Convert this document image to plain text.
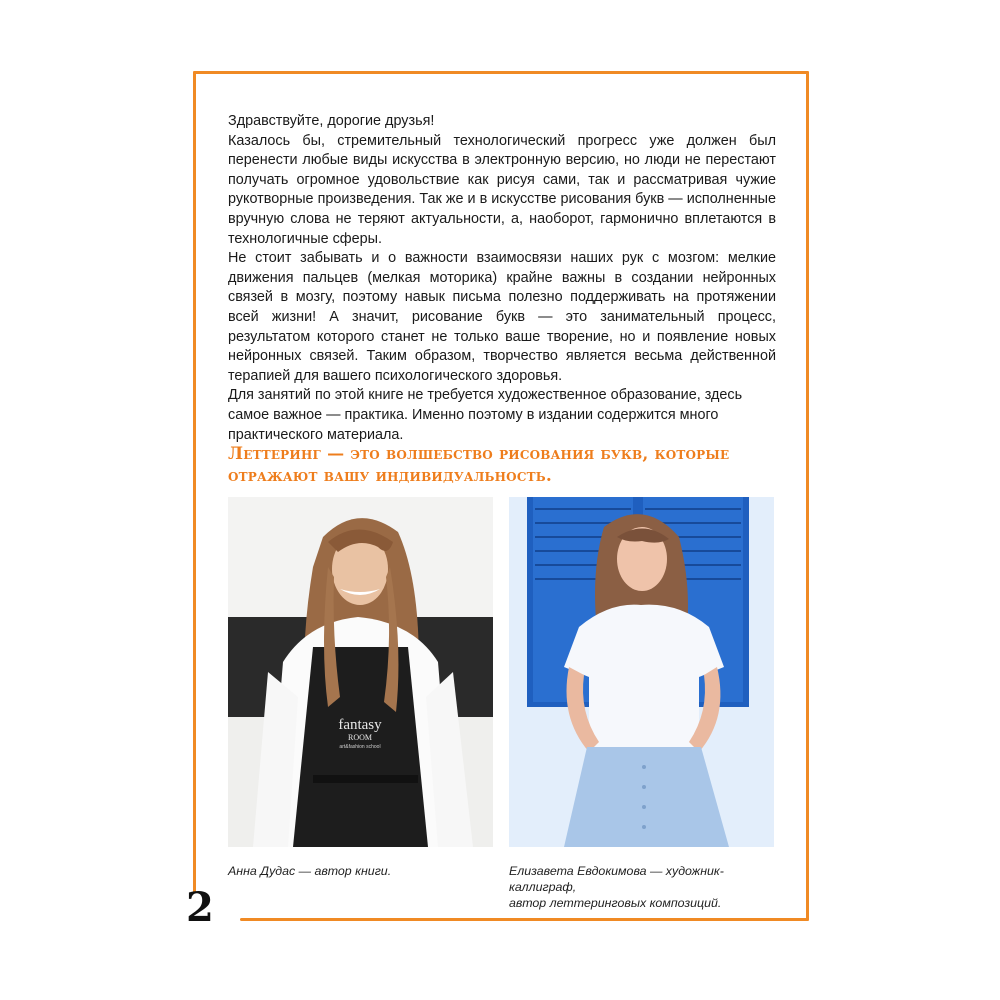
2

Здравствуйте, дорогие друзья!

Казалось бы, стремительный технологический прогресс уже должен был перенести любые виды искусства в электронную версию, но люди не перестают получать огромное удовольствие как рисуя сами, так и рассматривая чужие рукотворные произведения. Так же и в искусстве рисования букв — исполненные вручную слова не теряют актуальности, а, наоборот, гармонично вплетаются в технологичные сферы.

Не стоит забывать и о важности взаимосвязи наших рук с мозгом: мелкие движения пальцев (мелкая моторика) крайне важны в создании нейронных связей в мозгу, поэтому навык письма полезно поддерживать на протяжении всей жизни! А значит, рисование букв — это занимательный процесс, результатом которого станет не только ваше творение, но и появление новых нейронных связей. Таким образом, творчество является весьма действенной терапией для вашего психологического здоровья.

Для занятий по этой книге не требуется художественное образование, здесь самое важное — практика. Именно поэтому в издании содержится много практического материала.

Леттеринг — это волшебство рисования букв, которые отражают вашу индивидуальность.
fantasy
ROOM
art&fashion school
Анна Дудас — автор книги.	Елизавета Евдокимова — художник-каллиграф,
автор леттеринговых композиций.
